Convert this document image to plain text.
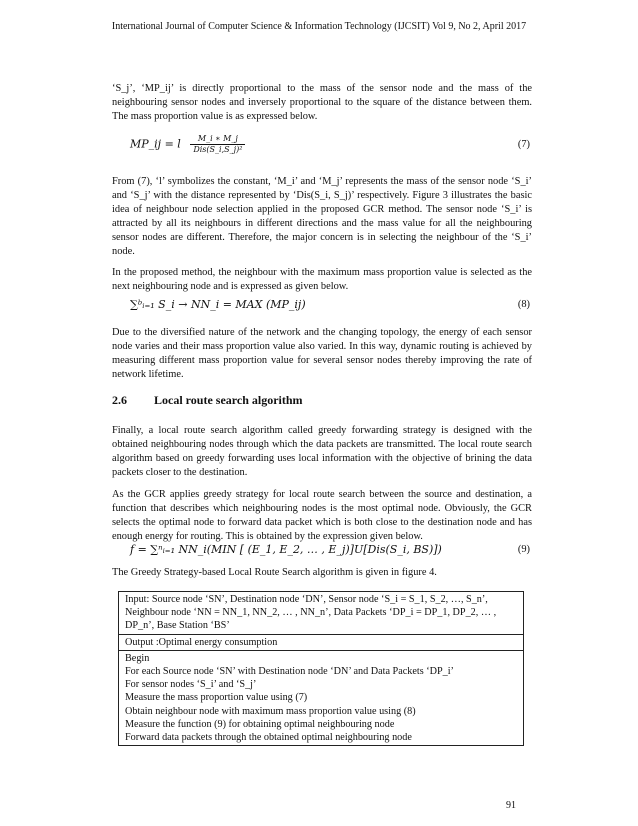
International Journal of Computer Science & Information Technology (IJCSIT) Vol 9, No 2, April 2017

‘S_j’, ‘MP_ij’ is directly proportional to the mass of the sensor node and the mass of the neighbouring sensor nodes and inversely proportional to the square of the distance between them. The mass proportion value is as expressed below.

MP_ij = l $\frac{M\_i ∗ M\_j}{\text{Dis(S\_i,S\_j)²}}$	(7)

From (7), ‘l’ symbolizes the constant, ‘M_i’ and ‘M_j’ represents the mass of the sensor node ‘S_i’ and ‘S_j’ with the distance represented by ‘Dis(S_i, S_j)’ respectively. Figure 3 illustrates the basic idea of neighbour node selection applied in the proposed GCR method. The sensor node ‘S_i’ is attracted by all its neighbours in different directions and the mass value for all the neighbouring sensor nodes are different. Therefore, the major concern is in selecting the neighbour of the ‘S_i’ node.

In the proposed method, the neighbour with the maximum mass proportion value is selected as the next neighbouring node and is expressed as given below.

∑ᵇᵢ₌₁ S_i → NN_i = MAX (MP_ij)	(8)

Due to the diversified nature of the network and the changing topology, the energy of each sensor node varies and their mass proportion value also varied. In this way, dynamic routing is achieved by measuring different mass proportion value for several sensor nodes thereby improving the rate of network lifetime.

2.6 Local route search algorithm

Finally, a local route search algorithm called greedy forwarding strategy is designed with the obtained neighbouring nodes through which the data packets are transmitted. The local route search algorithm based on greedy forwarding uses local information with the objective of brining the data packets closer to the destination.

As the GCR applies greedy strategy for local route search between the source and destination, a function that describes which neighbouring nodes is the most optimal node. Obviously, the GCR selects the optimal node to forward data packet which is both close to the destination node and has enough energy for routing. This is obtained by the expression given below.

f = ∑ⁿᵢ₌₁ NN_i(MIN [ (E_1, E_2, … , E_j)]U[Dis(S_i, BS)])	(9)

The Greedy Strategy-based Local Route Search algorithm is given in figure 4.

Input: Source node ‘SN’, Destination node ‘DN’, Sensor node ‘S_i = S_1, S_2, …, S_n’, Neighbour node ‘NN = NN_1, NN_2, … , NN_n’, Data Packets ‘DP_i = DP_1, DP_2, … , DP_n’, Base Station ‘BS’
Output :Optimal energy consumption
Begin
For each Source node ‘SN’ with Destination node ‘DN’ and Data Packets ‘DP_i’
For sensor nodes ‘S_i’ and ‘S_j’
Measure the mass proportion value using (7)
Obtain neighbour node with maximum mass proportion value using (8)
Measure the function (9) for obtaining optimal neighbouring node
Forward data packets through the obtained optimal neighbouring node
91
